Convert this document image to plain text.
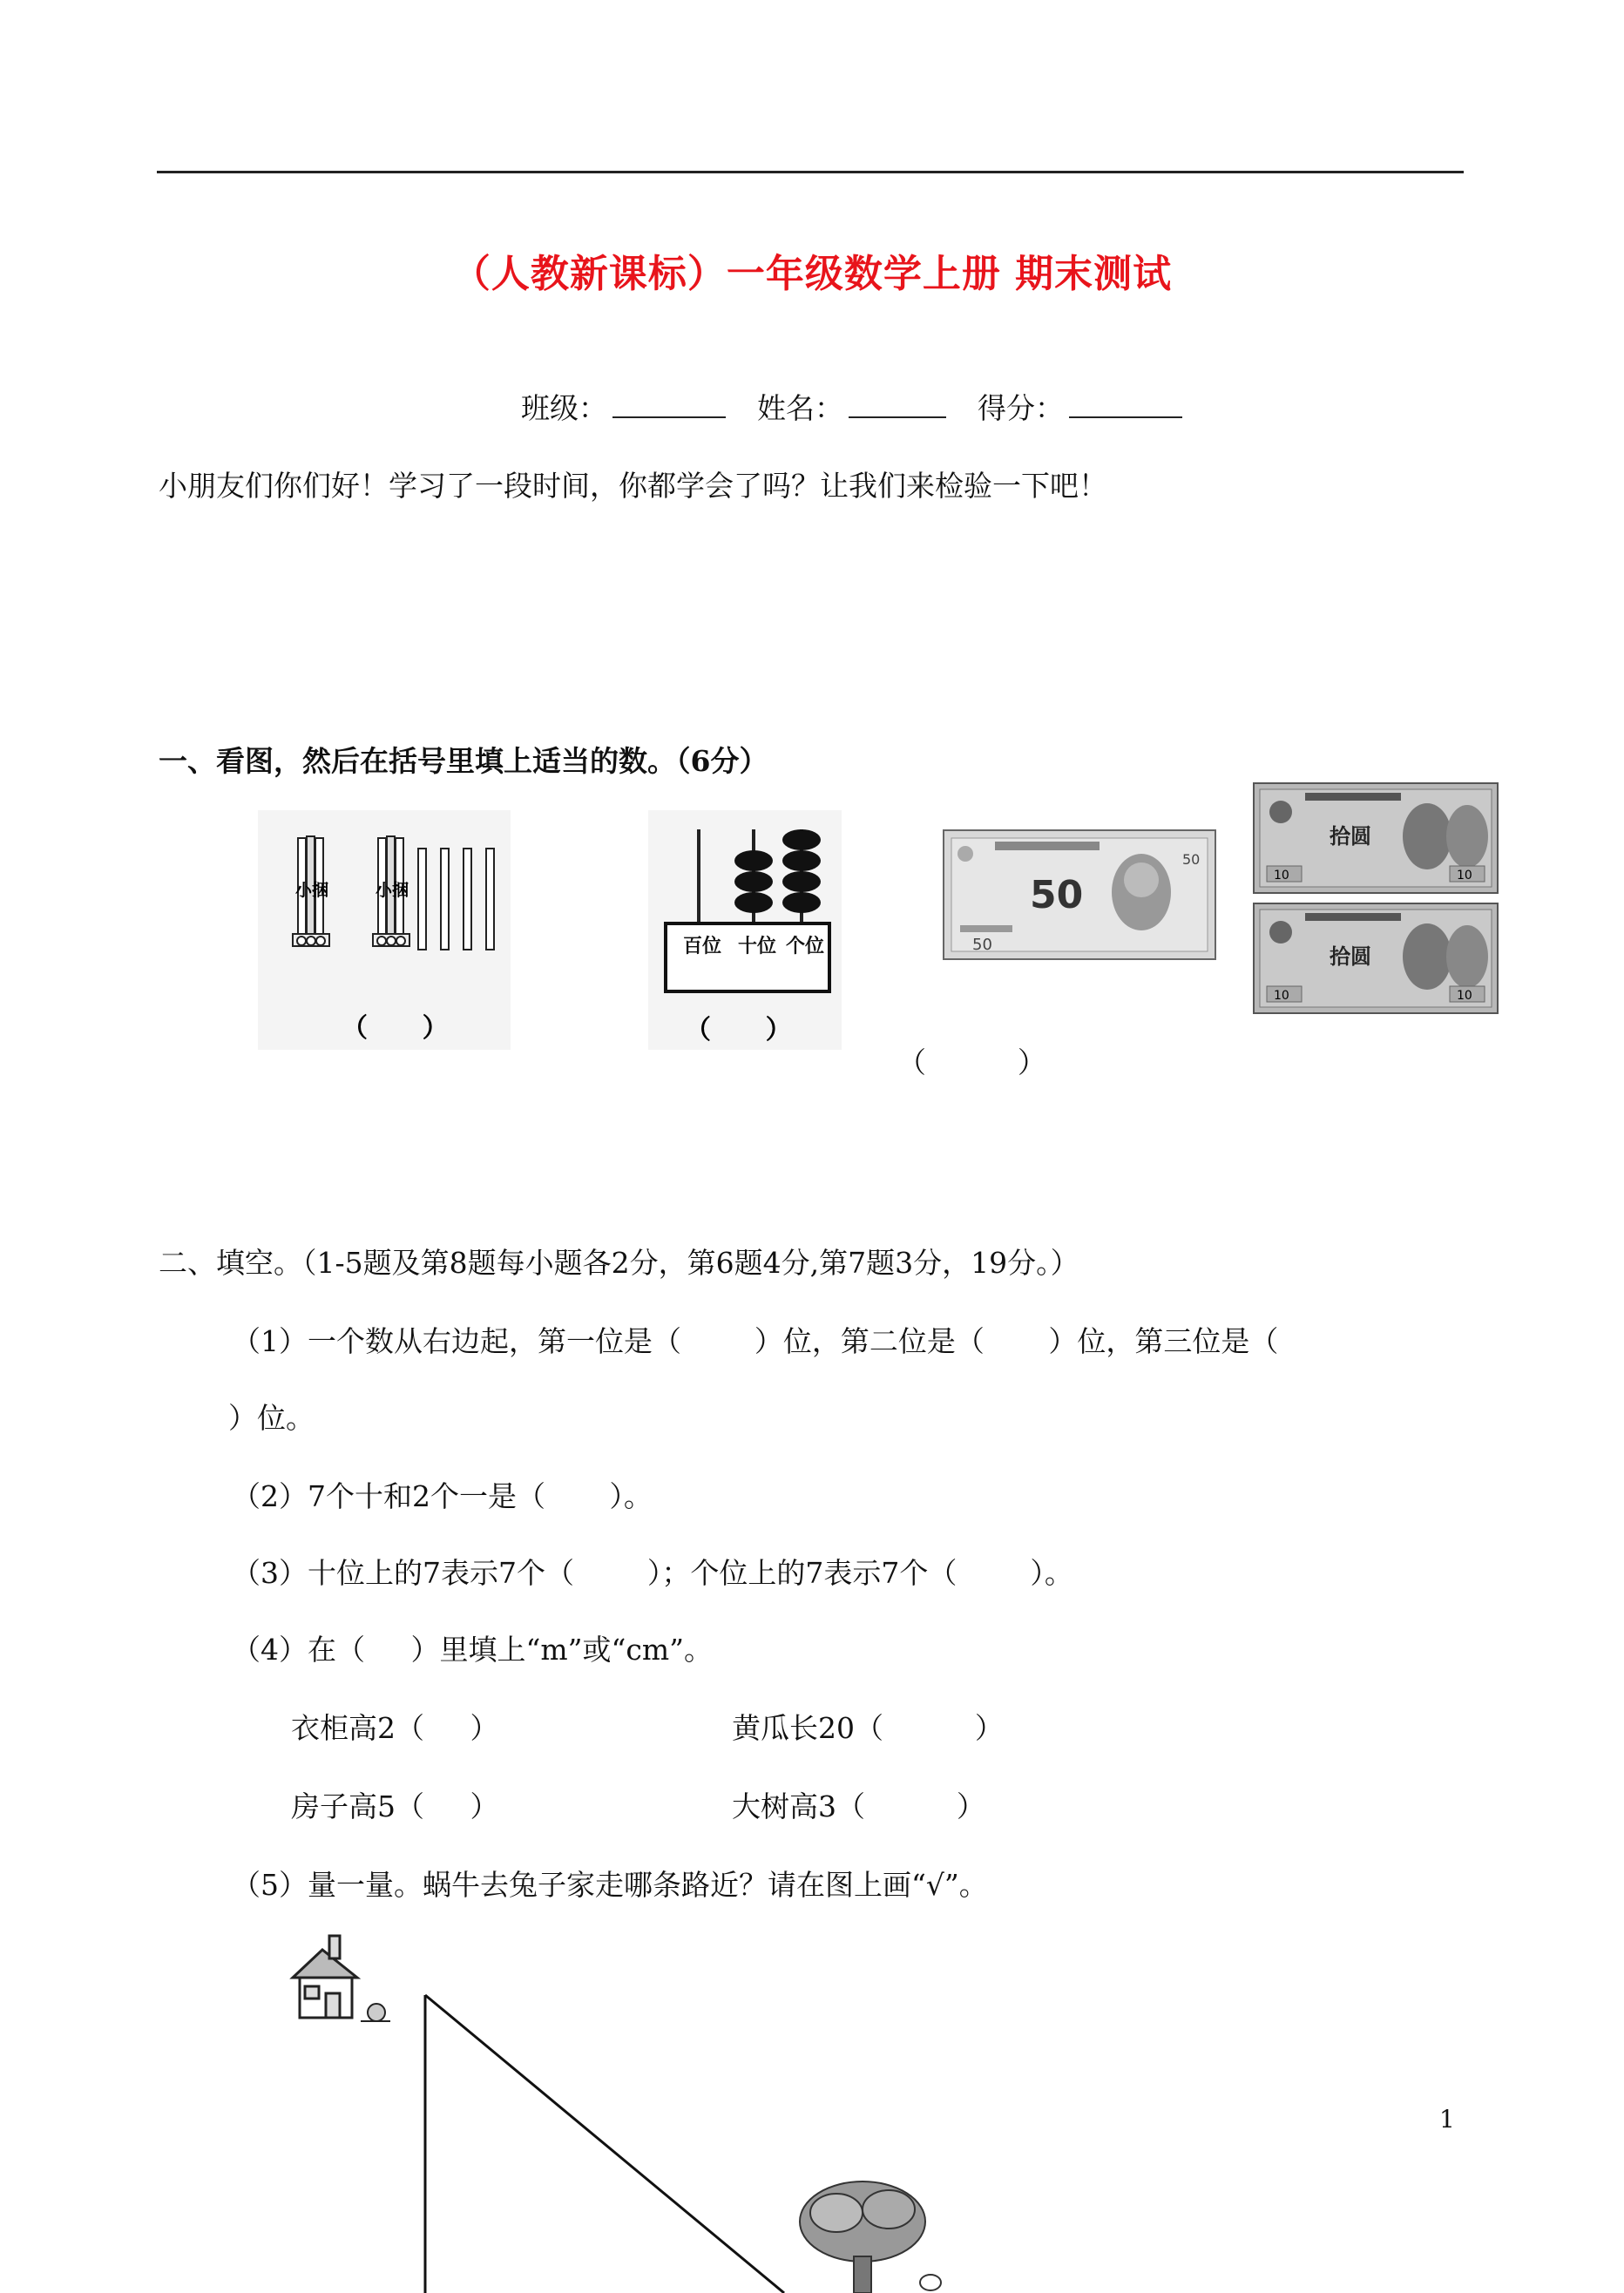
（人教新课标）一年级数学上册 期末测试
班级：	姓名：	得分：
小朋友们你们好！学习了一段时间，你都学会了吗？让我们来检验一下吧！
一、看图，然后在括号里填上适当的数。（6分）
小捆	小捆
（      ）
百位 十位 个位
（      ）
50
50
50
拾圆
10	10
拾圆
10	10
（          ）
二、填空。（1-5题及第8题每小题各2分，第6题4分,第7题3分，19分。）
（1）一个数从右边起，第一位是（        ）位，第二位是（       ）位，第三位是（
）位。
（2）7个十和2个一是（       ）。
（3）十位上的7表示7个（        ）；个位上的7表示7个（        ）。
（4）在（     ）里填上“m”或“cm”。
衣柜高2（     ）	黄瓜长20（          ）
房子高5（     ）	大树高3（          ）
（5）量一量。蜗牛去兔子家走哪条路近？请在图上画“√”。
1
